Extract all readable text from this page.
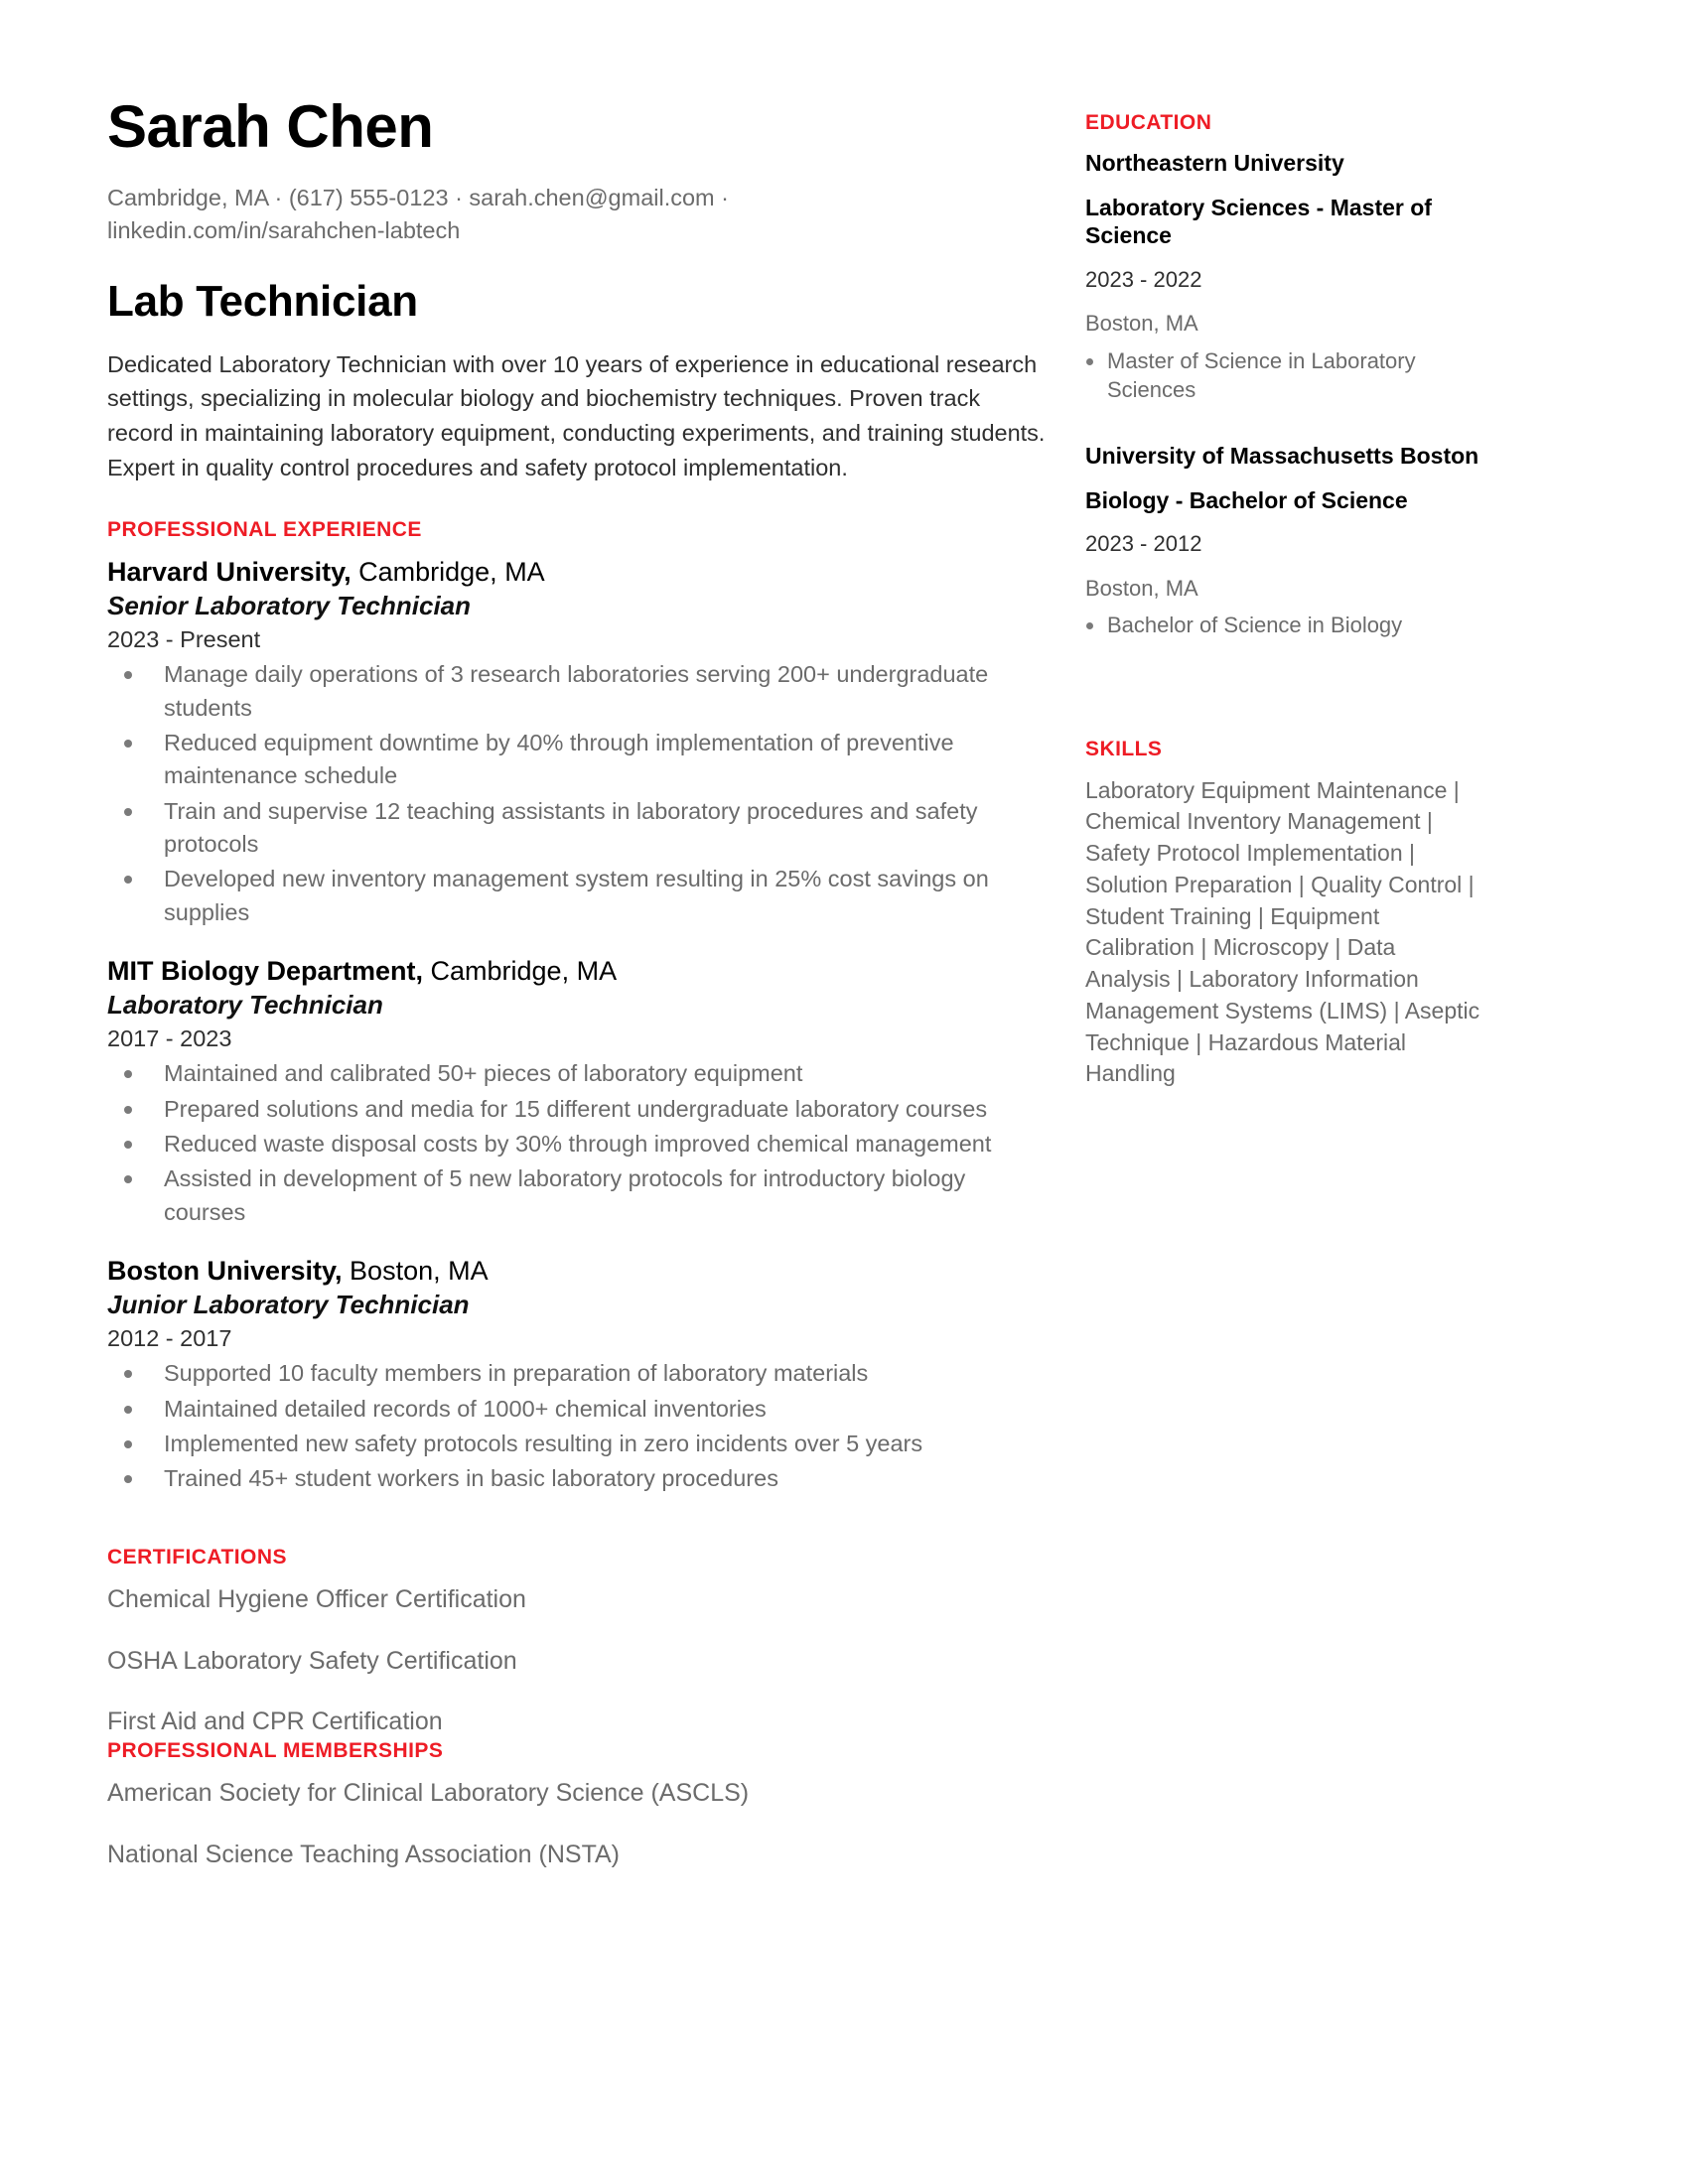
Sarah Chen

Cambridge, MA · (617) 555-0123 · sarah.chen@gmail.com · linkedin.com/in/sarahchen-labtech

Lab Technician

Dedicated Laboratory Technician with over 10 years of experience in educational research settings, specializing in molecular biology and biochemistry techniques. Proven track record in maintaining laboratory equipment, conducting experiments, and training students. Expert in quality control procedures and safety protocol implementation.

PROFESSIONAL EXPERIENCE

Harvard University, Cambridge, MA

Senior Laboratory Technician

2023 - Present

Manage daily operations of 3 research laboratories serving 200+ undergraduate students
Reduced equipment downtime by 40% through implementation of preventive maintenance schedule
Train and supervise 12 teaching assistants in laboratory procedures and safety protocols
Developed new inventory management system resulting in 25% cost savings on supplies

MIT Biology Department, Cambridge, MA

Laboratory Technician

2017 - 2023

Maintained and calibrated 50+ pieces of laboratory equipment
Prepared solutions and media for 15 different undergraduate laboratory courses
Reduced waste disposal costs by 30% through improved chemical management
Assisted in development of 5 new laboratory protocols for introductory biology courses

Boston University, Boston, MA

Junior Laboratory Technician

2012 - 2017

Supported 10 faculty members in preparation of laboratory materials
Maintained detailed records of 1000+ chemical inventories
Implemented new safety protocols resulting in zero incidents over 5 years
Trained 45+ student workers in basic laboratory procedures
CERTIFICATIONS

Chemical Hygiene Officer Certification

OSHA Laboratory Safety Certification

First Aid and CPR Certification

PROFESSIONAL MEMBERSHIPS

American Society for Clinical Laboratory Science (ASCLS)

National Science Teaching Association (NSTA)

EDUCATION

Northeastern University

Laboratory Sciences - Master of Science

2023 - 2022

Boston, MA

Master of Science in Laboratory Sciences

University of Massachusetts Boston

Biology - Bachelor of Science

2023 - 2012

Boston, MA

Bachelor of Science in Biology
SKILLS

Laboratory Equipment Maintenance | Chemical Inventory Management | Safety Protocol Implementation | Solution Preparation | Quality Control | Student Training | Equipment Calibration | Microscopy | Data Analysis | Laboratory Information Management Systems (LIMS) | Aseptic Technique | Hazardous Material Handling
